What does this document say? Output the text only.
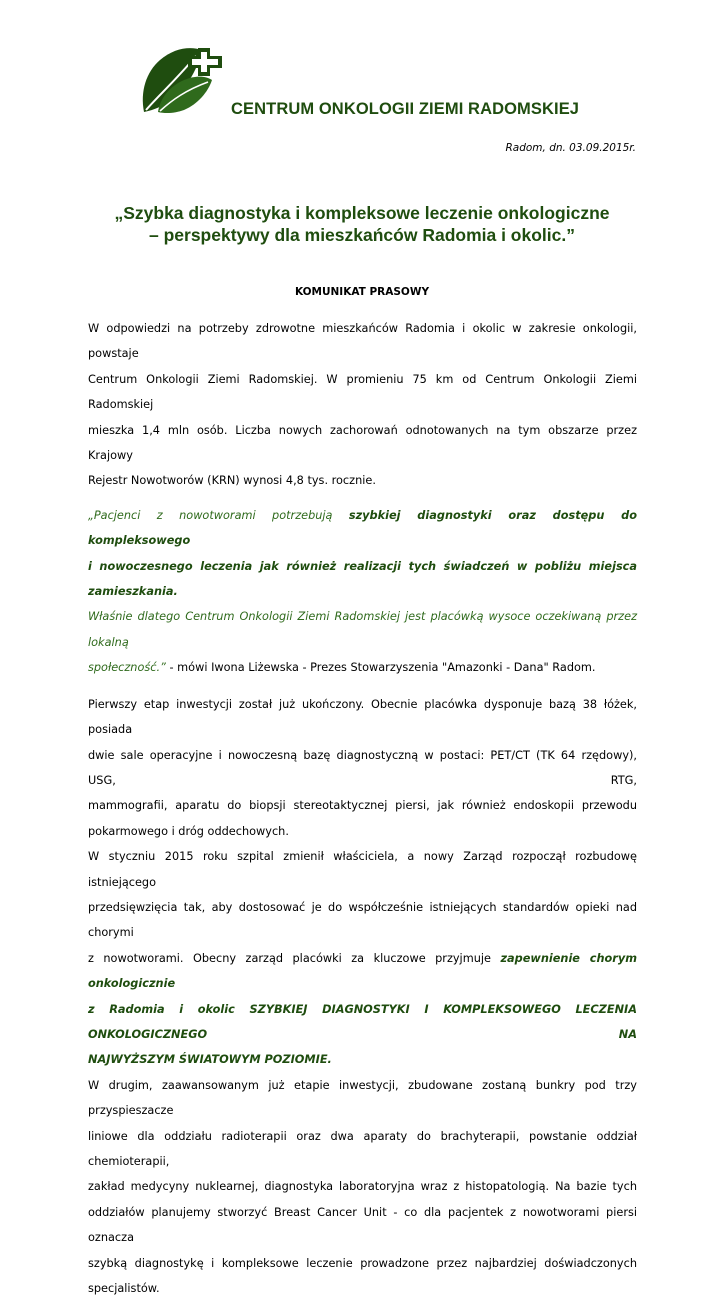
CENTRUM ONKOLOGII ZIEMI RADOMSKIEJ
Radom, dn. 03.09.2015r.
„Szybka diagnostyka i kompleksowe leczenie onkologiczne
– perspektywy dla mieszkańców Radomia i okolic.”
KOMUNIKAT PRASOWY

W odpowiedzi na potrzeby zdrowotne mieszkańców Radomia i okolic w zakresie onkologii, powstaje

Centrum Onkologii Ziemi Radomskiej. W promieniu 75 km od Centrum Onkologii Ziemi Radomskiej

mieszka 1,4 mln osób. Liczba nowych zachorowań odnotowanych na tym obszarze przez Krajowy

Rejestr Nowotworów (KRN) wynosi 4,8 tys. rocznie.

„Pacjenci z nowotworami potrzebują szybkiej diagnostyki oraz dostępu do kompleksowego

i nowoczesnego leczenia jak również realizacji tych świadczeń w pobliżu miejsca zamieszkania.

Właśnie dlatego Centrum Onkologii Ziemi Radomskiej jest placówką wysoce oczekiwaną przez lokalną

społeczność.” - mówi Iwona Liżewska - Prezes Stowarzyszenia "Amazonki - Dana" Radom.

Pierwszy etap inwestycji został już ukończony. Obecnie placówka dysponuje bazą 38 łóżek, posiada

dwie sale operacyjne i nowoczesną bazę diagnostyczną w postaci: PET/CT (TK 64 rzędowy), USG, RTG,

mammografii, aparatu do biopsji stereotaktycznej piersi, jak również endoskopii przewodu

pokarmowego i dróg oddechowych.

W styczniu 2015 roku szpital zmienił właściciela, a nowy Zarząd rozpoczął rozbudowę istniejącego

przedsięwzięcia tak, aby dostosować je do współcześnie istniejących standardów opieki nad chorymi

z nowotworami. Obecny zarząd placówki za kluczowe przyjmuje zapewnienie chorym onkologicznie

z Radomia i okolic SZYBKIEJ DIAGNOSTYKI I KOMPLEKSOWEGO LECZENIA ONKOLOGICZNEGO NA

NAJWYŻSZYM ŚWIATOWYM POZIOMIE.

W drugim, zaawansowanym już etapie inwestycji, zbudowane zostaną bunkry pod trzy przyspieszacze

liniowe dla oddziału radioterapii oraz dwa aparaty do brachyterapii, powstanie oddział chemioterapii,

zakład medycyny nuklearnej, diagnostyka laboratoryjna wraz z histopatologią. Na bazie tych

oddziałów planujemy stworzyć Breast Cancer Unit - co dla pacjentek z nowotworami piersi oznacza

szybką diagnostykę i kompleksowe leczenie prowadzone przez najbardziej doświadczonych

specjalistów.
